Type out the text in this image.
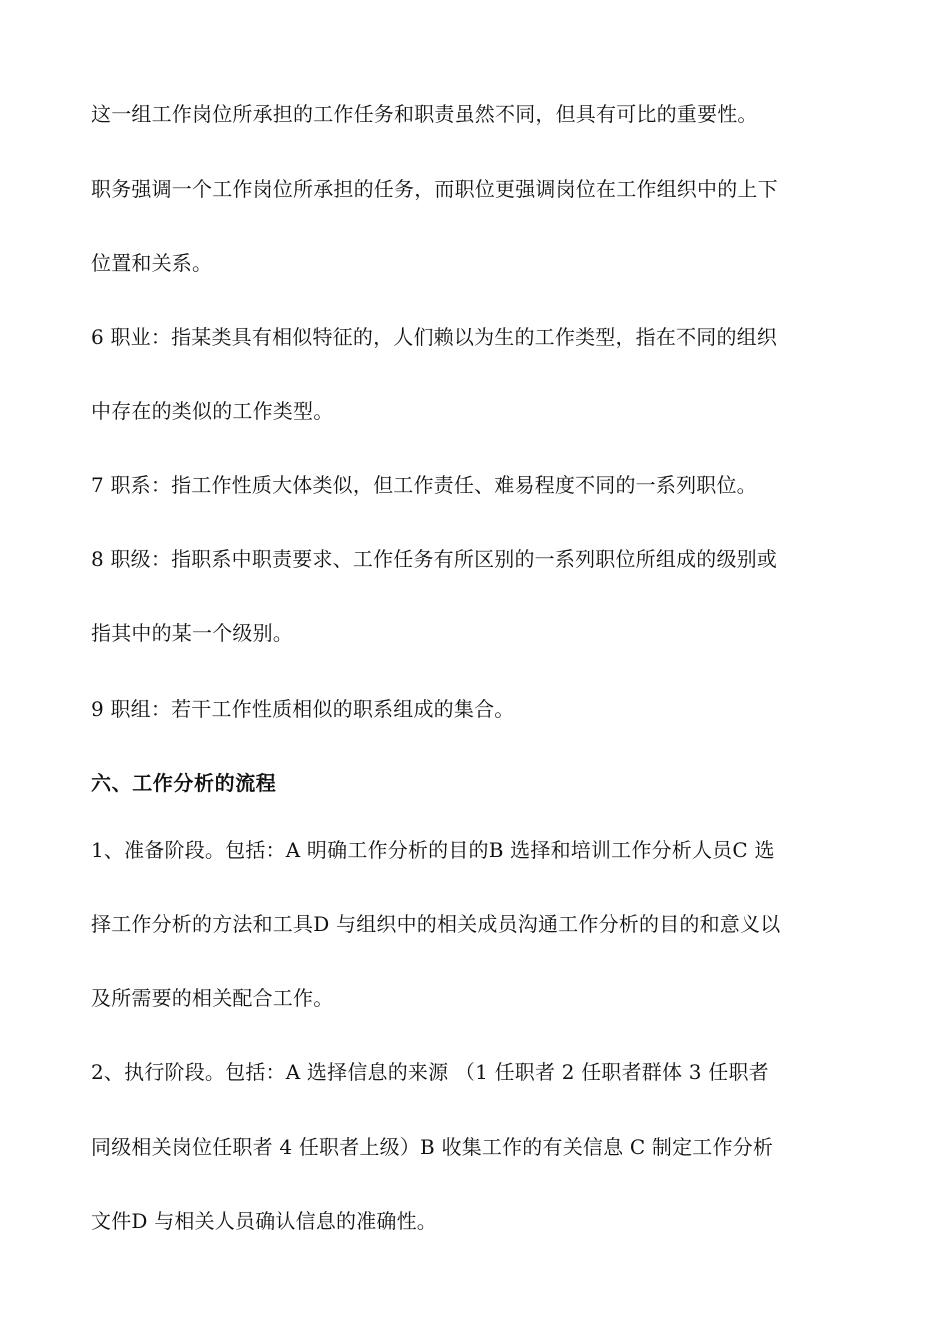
这一组工作岗位所承担的工作任务和职责虽然不同，但具有可比的重要性。
职务强调一个工作岗位所承担的任务，而职位更强调岗位在工作组织中的上下
位置和关系。
6 职业：指某类具有相似特征的，人们赖以为生的工作类型，指在不同的组织
中存在的类似的工作类型。
7 职系：指工作性质大体类似，但工作责任、难易程度不同的一系列职位。
8 职级：指职系中职责要求、工作任务有所区别的一系列职位所组成的级别或
指其中的某一个级别。
9 职组：若干工作性质相似的职系组成的集合。
六、工作分析的流程
1、准备阶段。包括：A 明确工作分析的目的B 选择和培训工作分析人员C 选
择工作分析的方法和工具D 与组织中的相关成员沟通工作分析的目的和意义以
及所需要的相关配合工作。
2、执行阶段。包括：A 选择信息的来源 （1 任职者 2 任职者群体 3 任职者
同级相关岗位任职者 4 任职者上级）B 收集工作的有关信息 C 制定工作分析
文件D 与相关人员确认信息的准确性。
